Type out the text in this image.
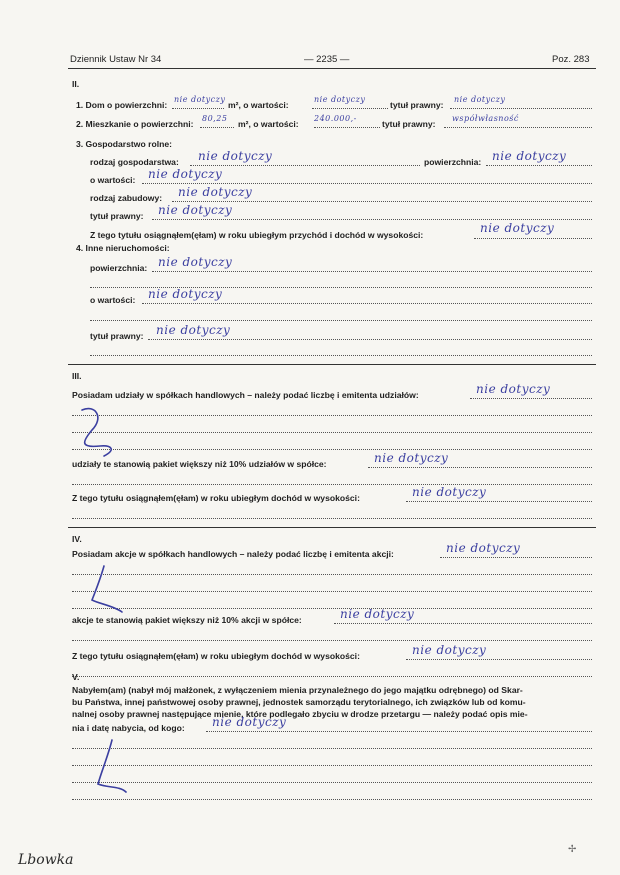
Dziennik Ustaw Nr 34	— 2235 —	Poz. 283
II.
1. Dom o powierzchni:
nie dotyczy
m², o wartości:
nie dotyczy
tytuł prawny:
nie dotyczy
2. Mieszkanie o powierzchni:
80,25
m², o wartości:
240.000,-
tytuł prawny:
współwłasność
3. Gospodarstwo rolne:
rodzaj gospodarstwa: nie dotyczy	powierzchnia: nie dotyczy
o wartości: nie dotyczy
rodzaj zabudowy: nie dotyczy
tytuł prawny: nie dotyczy
Z tego tytułu osiągnąłem(ęłam) w roku ubiegłym przychód i dochód w wysokości:	nie dotyczy
4. Inne nieruchomości:
powierzchnia: nie dotyczy
o wartości: nie dotyczy
tytuł prawny: nie dotyczy
III.
Posiadam udziały w spółkach handlowych – należy podać liczbę i emitenta udziałów:	nie dotyczy
udziały te stanowią pakiet większy niż 10% udziałów w spółce:	nie dotyczy
Z tego tytułu osiągnąłem(ęłam) w roku ubiegłym dochód w wysokości:	nie dotyczy
IV.
Posiadam akcje w spółkach handlowych – należy podać liczbę i emitenta akcji:	nie dotyczy
akcje te stanowią pakiet większy niż 10% akcji w spółce:	nie dotyczy
Z tego tytułu osiągnąłem(ęłam) w roku ubiegłym dochód w wysokości:	nie dotyczy
V.
Nabyłem(am) (nabył mój małżonek, z wyłączeniem mienia przynależnego do jego majątku odrębnego) od Skar-
bu Państwa, innej państwowej osoby prawnej, jednostek samorządu terytorialnego, ich związków lub od komu-
nalnej osoby prawnej następujące mienie, które podlegało zbyciu w drodze przetargu — należy podać opis mie-
nia i datę nabycia, od kogo: nie dotyczy
Lbowka
✢
